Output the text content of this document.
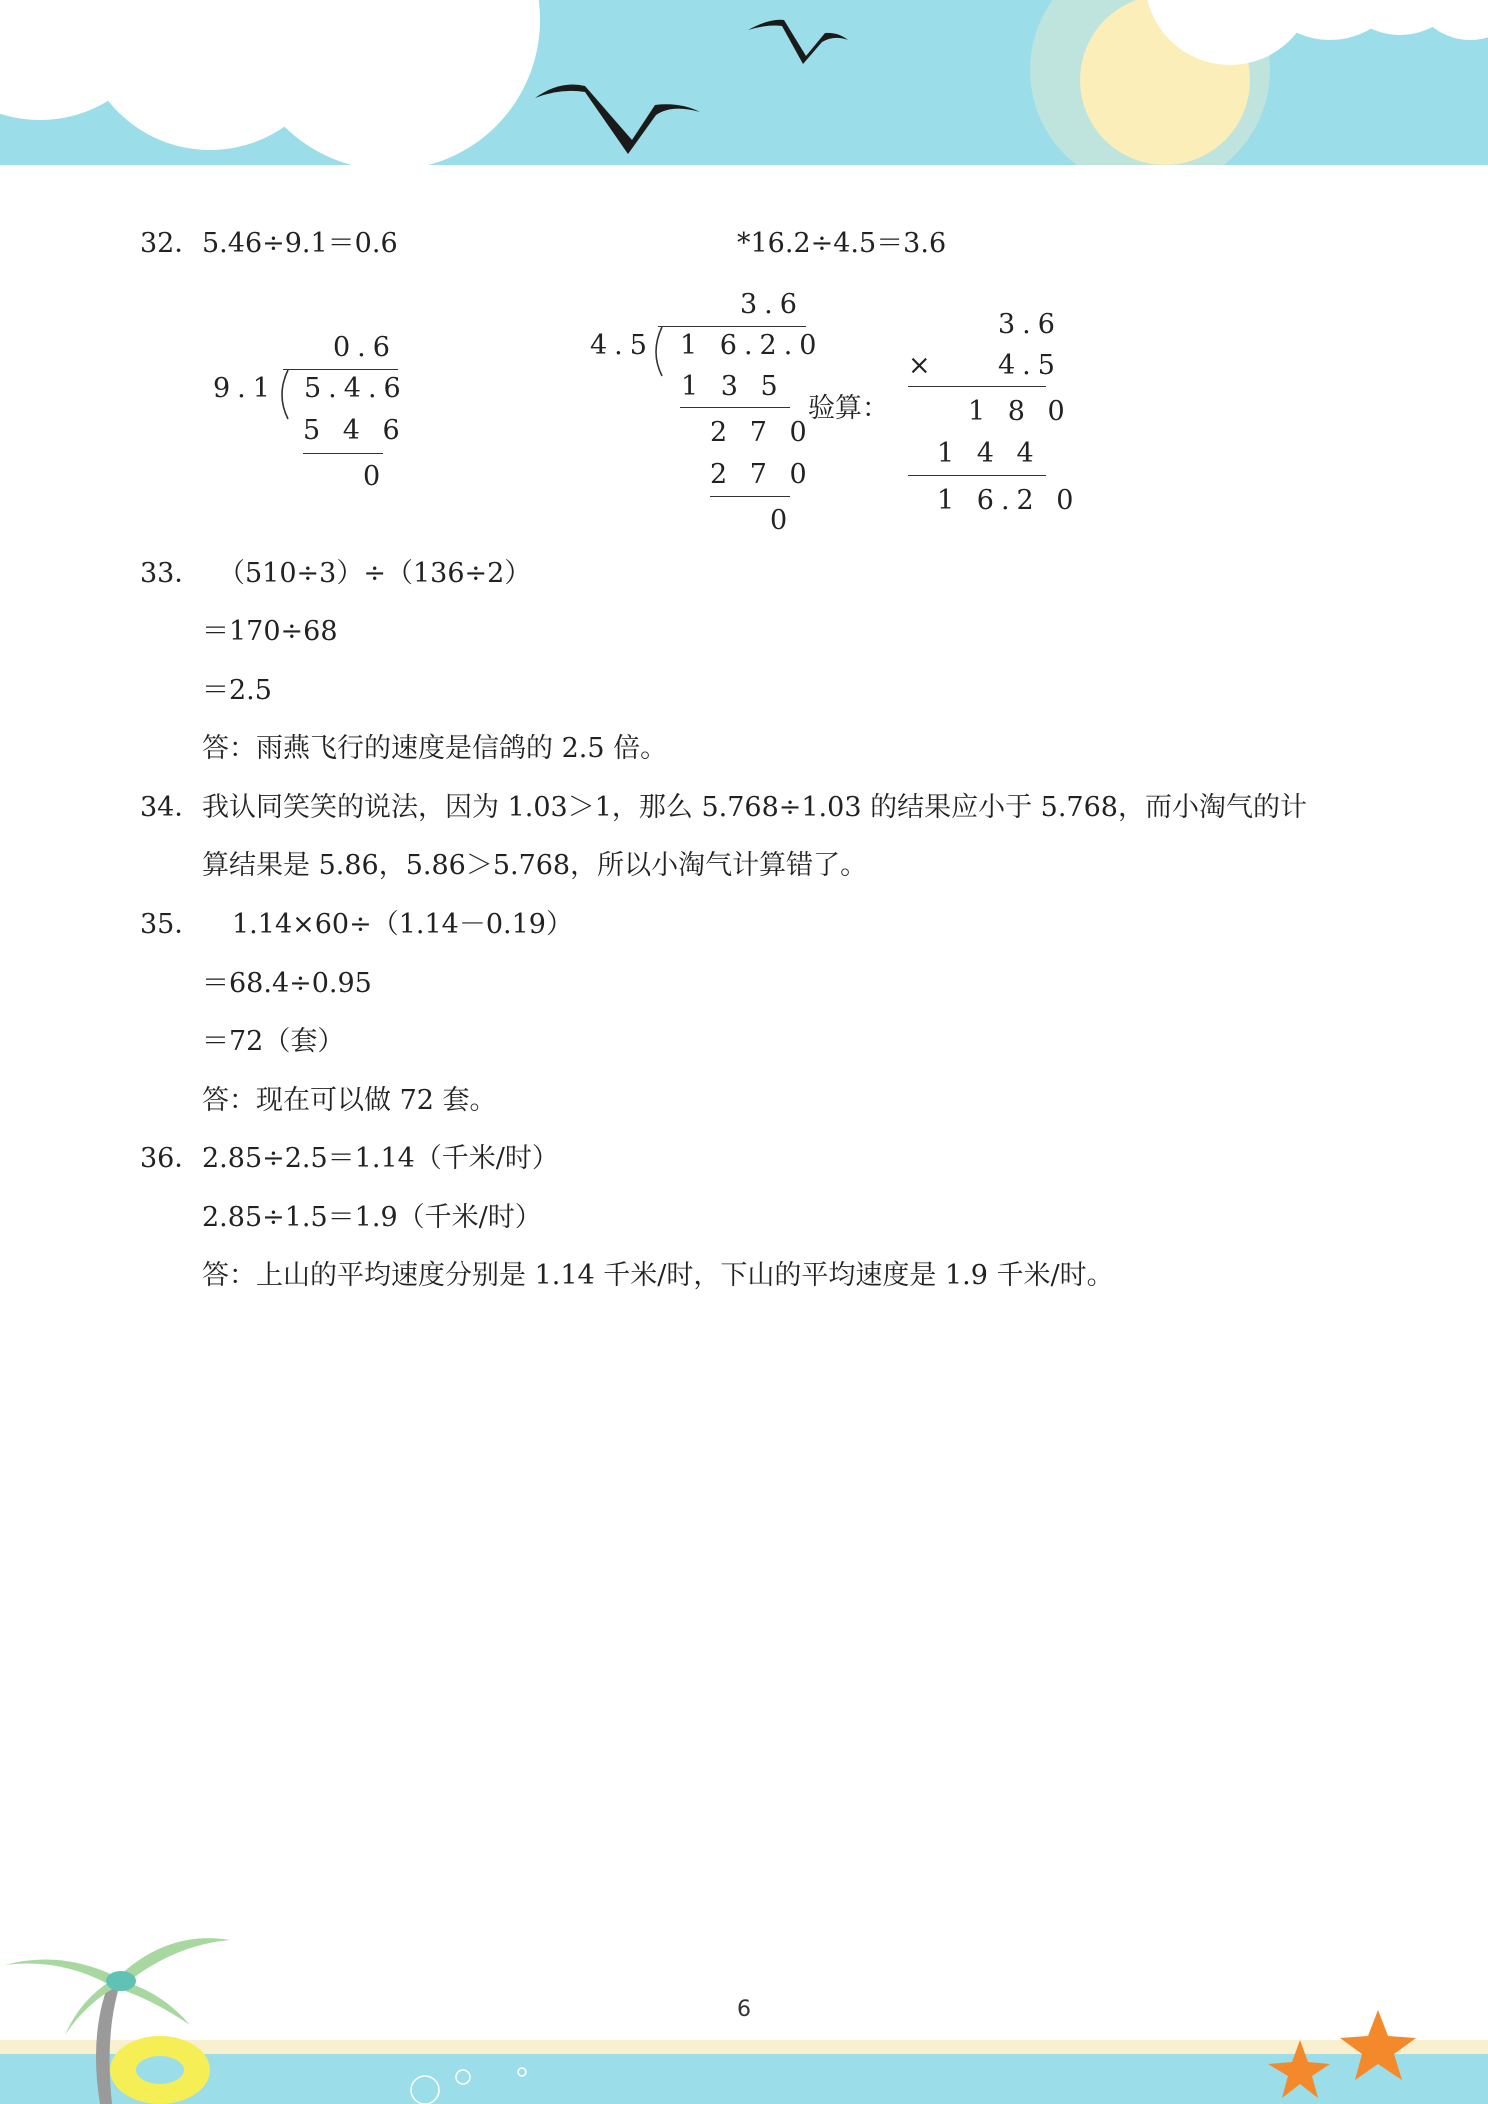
32． 5.46÷9.1＝0.6	*16.2÷4.5＝3.6
0.6
9.1 5.4.6
5 4 6
0
3.6
4.5 1 6.2.0
1 3 5
2 7 0
2 7 0
0
验算：
3.6
× 4.5
1 8 0
1 4 4
1 6.2 0
33． （510÷3）÷（136÷2）
＝170÷68
＝2.5
答：雨燕飞行的速度是信鸽的 2.5 倍。
34． 我认同笑笑的说法，因为 1.03＞1，那么 5.768÷1.03 的结果应小于 5.768，而小淘气的计
算结果是 5.86，5.86＞5.768，所以小淘气计算错了。
35． 1.14×60÷（1.14－0.19）
＝68.4÷0.95
＝72（套）
答：现在可以做 72 套。
36． 2.85÷2.5＝1.14（千米/时）
2.85÷1.5＝1.9（千米/时）
答：上山的平均速度分别是 1.14 千米/时，下山的平均速度是 1.9 千米/时。
6
